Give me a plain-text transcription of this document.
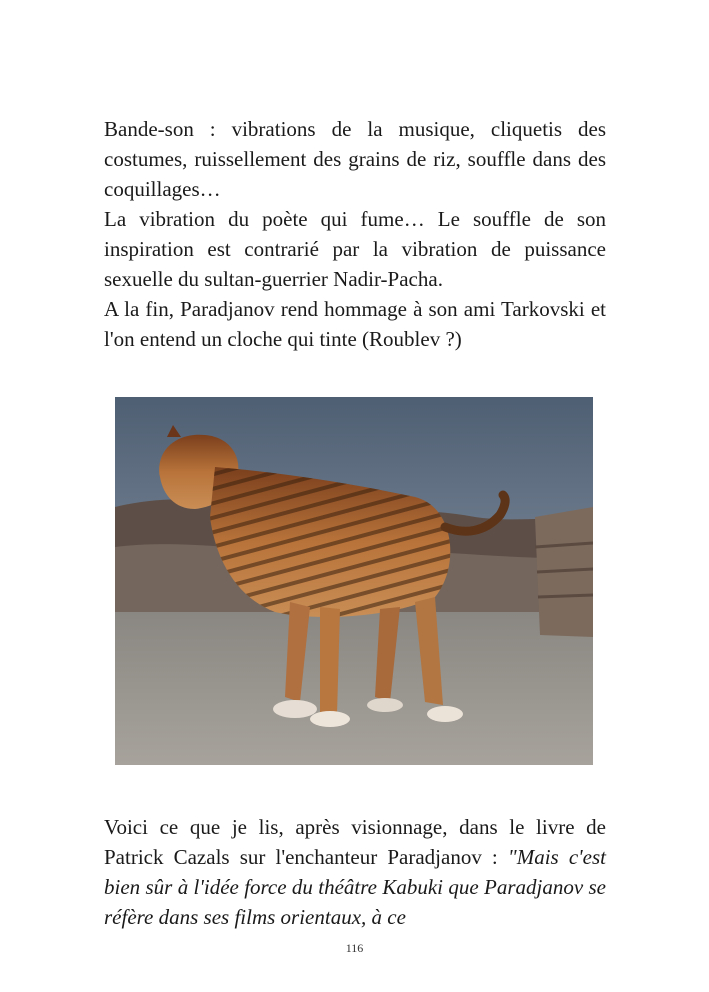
Bande-son : vibrations de la musique, cliquetis des costumes, ruissellement des grains de riz, souffle dans des coquillages…
La vibration du poète qui fume… Le souffle de son inspiration est contrarié par la vibration de puissance sexuelle du sultan-guerrier Nadir-Pacha.
A la fin, Paradjanov rend hommage à son ami Tarkovski et l'on entend un cloche qui tinte (Roublev ?)

Voici ce que je lis, après visionnage, dans le livre de Patrick Cazals sur l'enchanteur Paradjanov : "Mais c'est bien sûr à l'idée force du théâtre Kabuki que Paradjanov se réfère dans ses films orientaux, à ce

116
